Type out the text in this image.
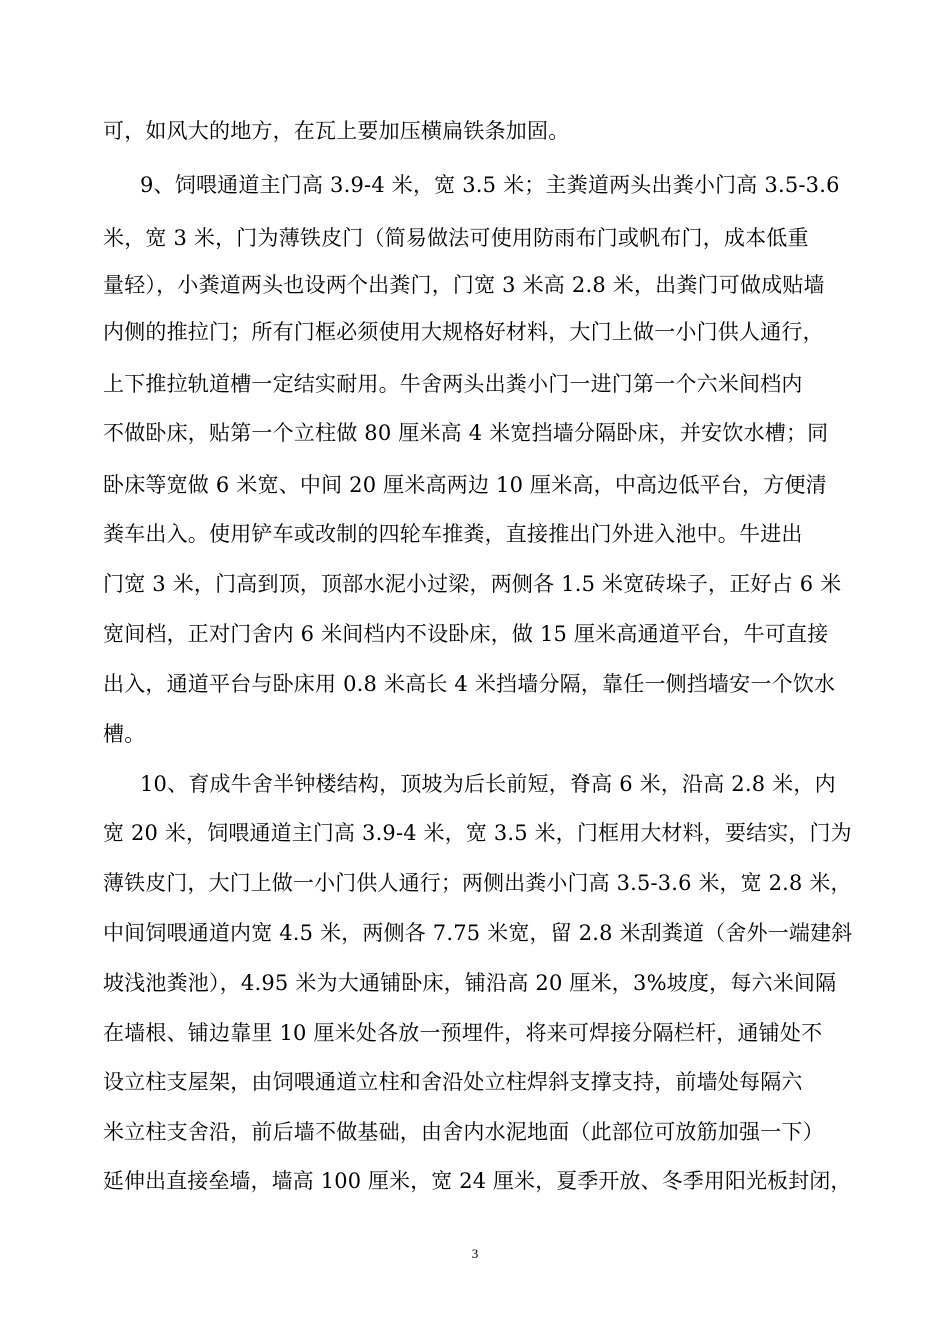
可，如风大的地方，在瓦上要加压横扁铁条加固。
9、饲喂通道主门高 3.9-4 米，宽 3.5 米；主粪道两头出粪小门高 3.5-3.6
米，宽 3 米，门为薄铁皮门（简易做法可使用防雨布门或帆布门，成本低重
量轻），小粪道两头也设两个出粪门，门宽 3 米高 2.8 米，出粪门可做成贴墙
内侧的推拉门；所有门框必须使用大规格好材料，大门上做一小门供人通行，
上下推拉轨道槽一定结实耐用。牛舍两头出粪小门一进门第一个六米间档内
不做卧床，贴第一个立柱做 80 厘米高 4 米宽挡墙分隔卧床，并安饮水槽；同
卧床等宽做 6 米宽、中间 20 厘米高两边 10 厘米高，中高边低平台，方便清
粪车出入。使用铲车或改制的四轮车推粪，直接推出门外进入池中。牛进出
门宽 3 米，门高到顶，顶部水泥小过梁，两侧各 1.5 米宽砖垛子，正好占 6 米
宽间档，正对门舍内 6 米间档内不设卧床，做 15 厘米高通道平台，牛可直接
出入，通道平台与卧床用 0.8 米高长 4 米挡墙分隔，靠任一侧挡墙安一个饮水
槽。
10、育成牛舍半钟楼结构，顶坡为后长前短，脊高 6 米，沿高 2.8 米，内
宽 20 米，饲喂通道主门高 3.9-4 米，宽 3.5 米，门框用大材料，要结实，门为
薄铁皮门，大门上做一小门供人通行；两侧出粪小门高 3.5-3.6 米，宽 2.8 米，
中间饲喂通道内宽 4.5 米，两侧各 7.75 米宽，留 2.8 米刮粪道（舍外一端建斜
坡浅池粪池），4.95 米为大通铺卧床，铺沿高 20 厘米，3%坡度，每六米间隔
在墙根、铺边靠里 10 厘米处各放一预埋件，将来可焊接分隔栏杆，通铺处不
设立柱支屋架，由饲喂通道立柱和舍沿处立柱焊斜支撑支持，前墙处每隔六
米立柱支舍沿，前后墙不做基础，由舍内水泥地面（此部位可放筋加强一下）
延伸出直接垒墙，墙高 100 厘米，宽 24 厘米，夏季开放、冬季用阳光板封闭，
3
